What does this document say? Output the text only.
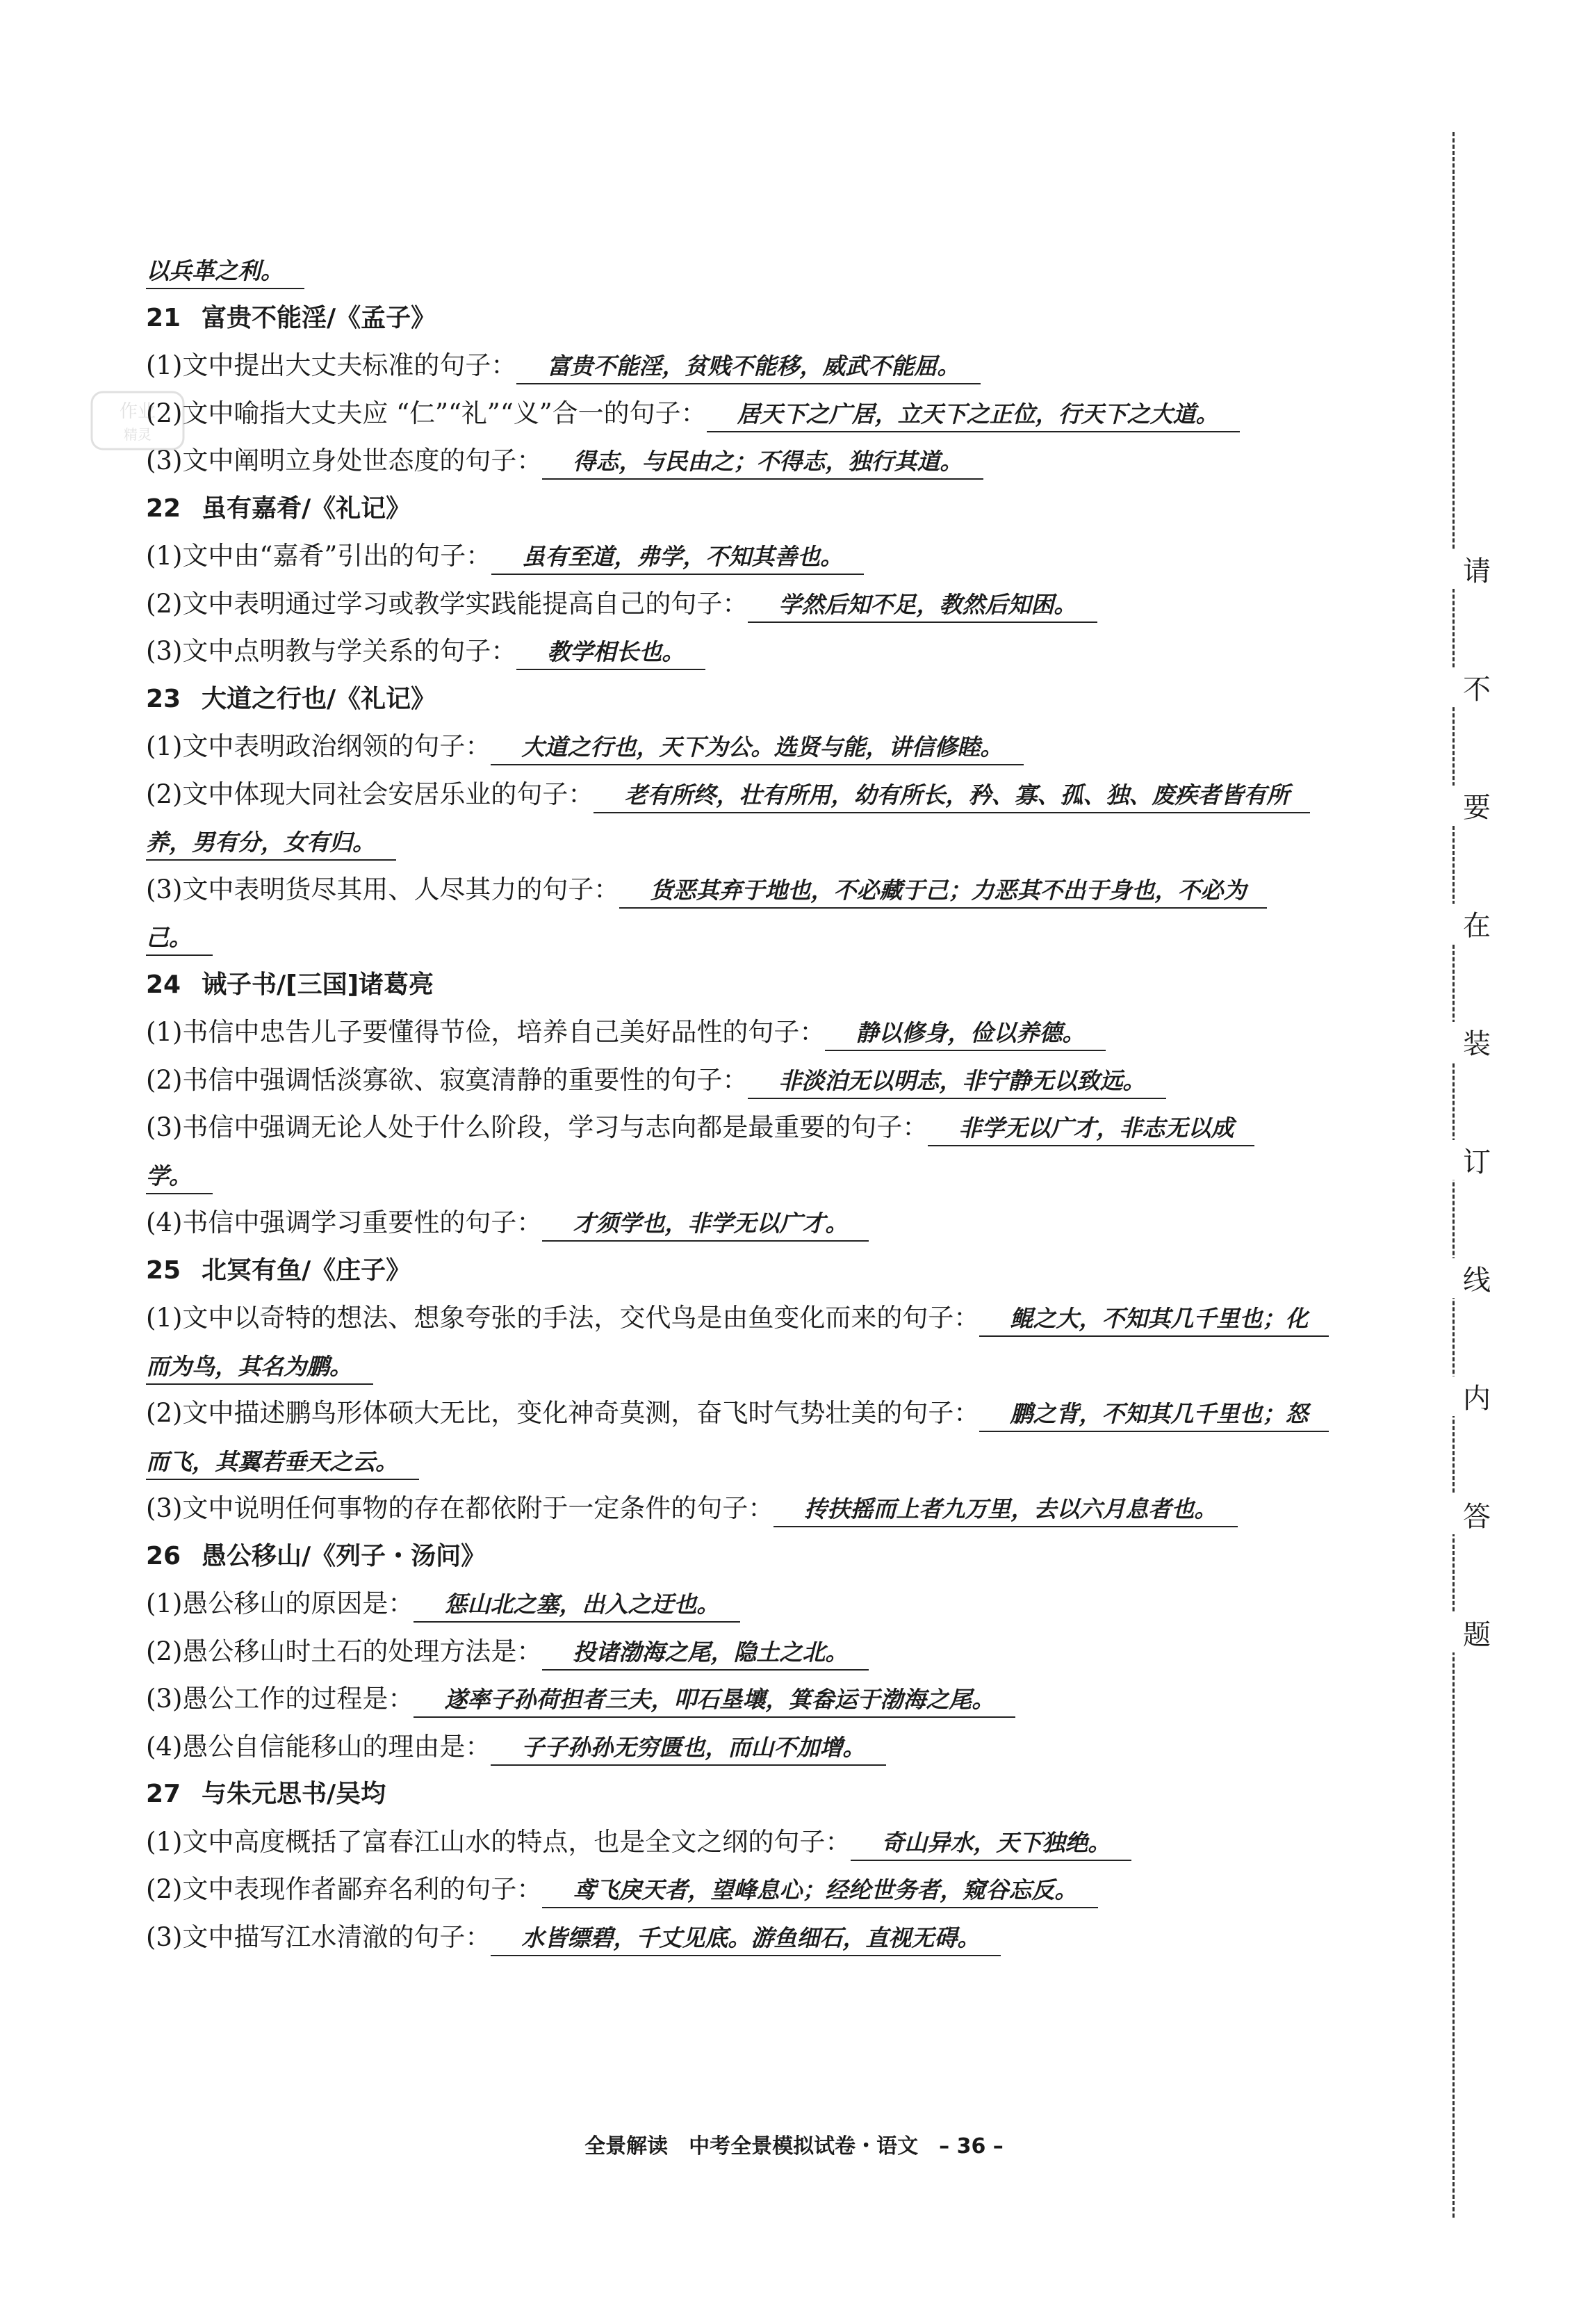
以兵革之利。
21 富贵不能淫/《孟子》
(1)文中提出大丈夫标准的句子： 富贵不能淫，贫贱不能移，威武不能屈。
(2)文中喻指大丈夫应 “仁”“礼”“义”合一的句子： 居天下之广居，立天下之正位，行天下之大道。
(3)文中阐明立身处世态度的句子： 得志，与民由之；不得志，独行其道。
22 虽有嘉肴/《礼记》
(1)文中由“嘉肴”引出的句子： 虽有至道，弗学，不知其善也。
(2)文中表明通过学习或教学实践能提高自己的句子： 学然后知不足，教然后知困。
(3)文中点明教与学关系的句子： 教学相长也。
23 大道之行也/《礼记》
(1)文中表明政治纲领的句子： 大道之行也，天下为公。选贤与能，讲信修睦。
(2)文中体现大同社会安居乐业的句子： 老有所终，壮有所用，幼有所长，矜、寡、孤、独、废疾者皆有所
养，男有分，女有归。
(3)文中表明货尽其用、人尽其力的句子： 货恶其弃于地也，不必藏于己；力恶其不出于身也，不必为
己。
24 诫子书/[三国]诸葛亮
(1)书信中忠告儿子要懂得节俭，培养自己美好品性的句子： 静以修身，俭以养德。
(2)书信中强调恬淡寡欲、寂寞清静的重要性的句子： 非淡泊无以明志，非宁静无以致远。
(3)书信中强调无论人处于什么阶段，学习与志向都是最重要的句子： 非学无以广才，非志无以成
学。
(4)书信中强调学习重要性的句子： 才须学也，非学无以广才。
25 北冥有鱼/《庄子》
(1)文中以奇特的想法、想象夸张的手法，交代鸟是由鱼变化而来的句子： 鲲之大，不知其几千里也；化
而为鸟，其名为鹏。
(2)文中描述鹏鸟形体硕大无比，变化神奇莫测，奋飞时气势壮美的句子： 鹏之背，不知其几千里也；怒
而飞，其翼若垂天之云。
(3)文中说明任何事物的存在都依附于一定条件的句子： 抟扶摇而上者九万里，去以六月息者也。
26 愚公移山/《列子・汤问》
(1)愚公移山的原因是： 惩山北之塞，出入之迂也。
(2)愚公移山时土石的处理方法是： 投诸渤海之尾，隐土之北。
(3)愚公工作的过程是： 遂率子孙荷担者三夫，叩石垦壤，箕畚运于渤海之尾。
(4)愚公自信能移山的理由是： 子子孙孙无穷匮也，而山不加增。
27 与朱元思书/吴均
(1)文中高度概括了富春江山水的特点，也是全文之纲的句子： 奇山异水，天下独绝。
(2)文中表现作者鄙弃名利的句子： 鸢飞戾天者，望峰息心；经纶世务者，窥谷忘反。
(3)文中描写江水清澈的句子： 水皆缥碧，千丈见底。游鱼细石，直视无碍。
请
不
要
在
装
订
线
内
答
题
全景解读　中考全景模拟试卷・语文　– 36 –
作业
精灵
